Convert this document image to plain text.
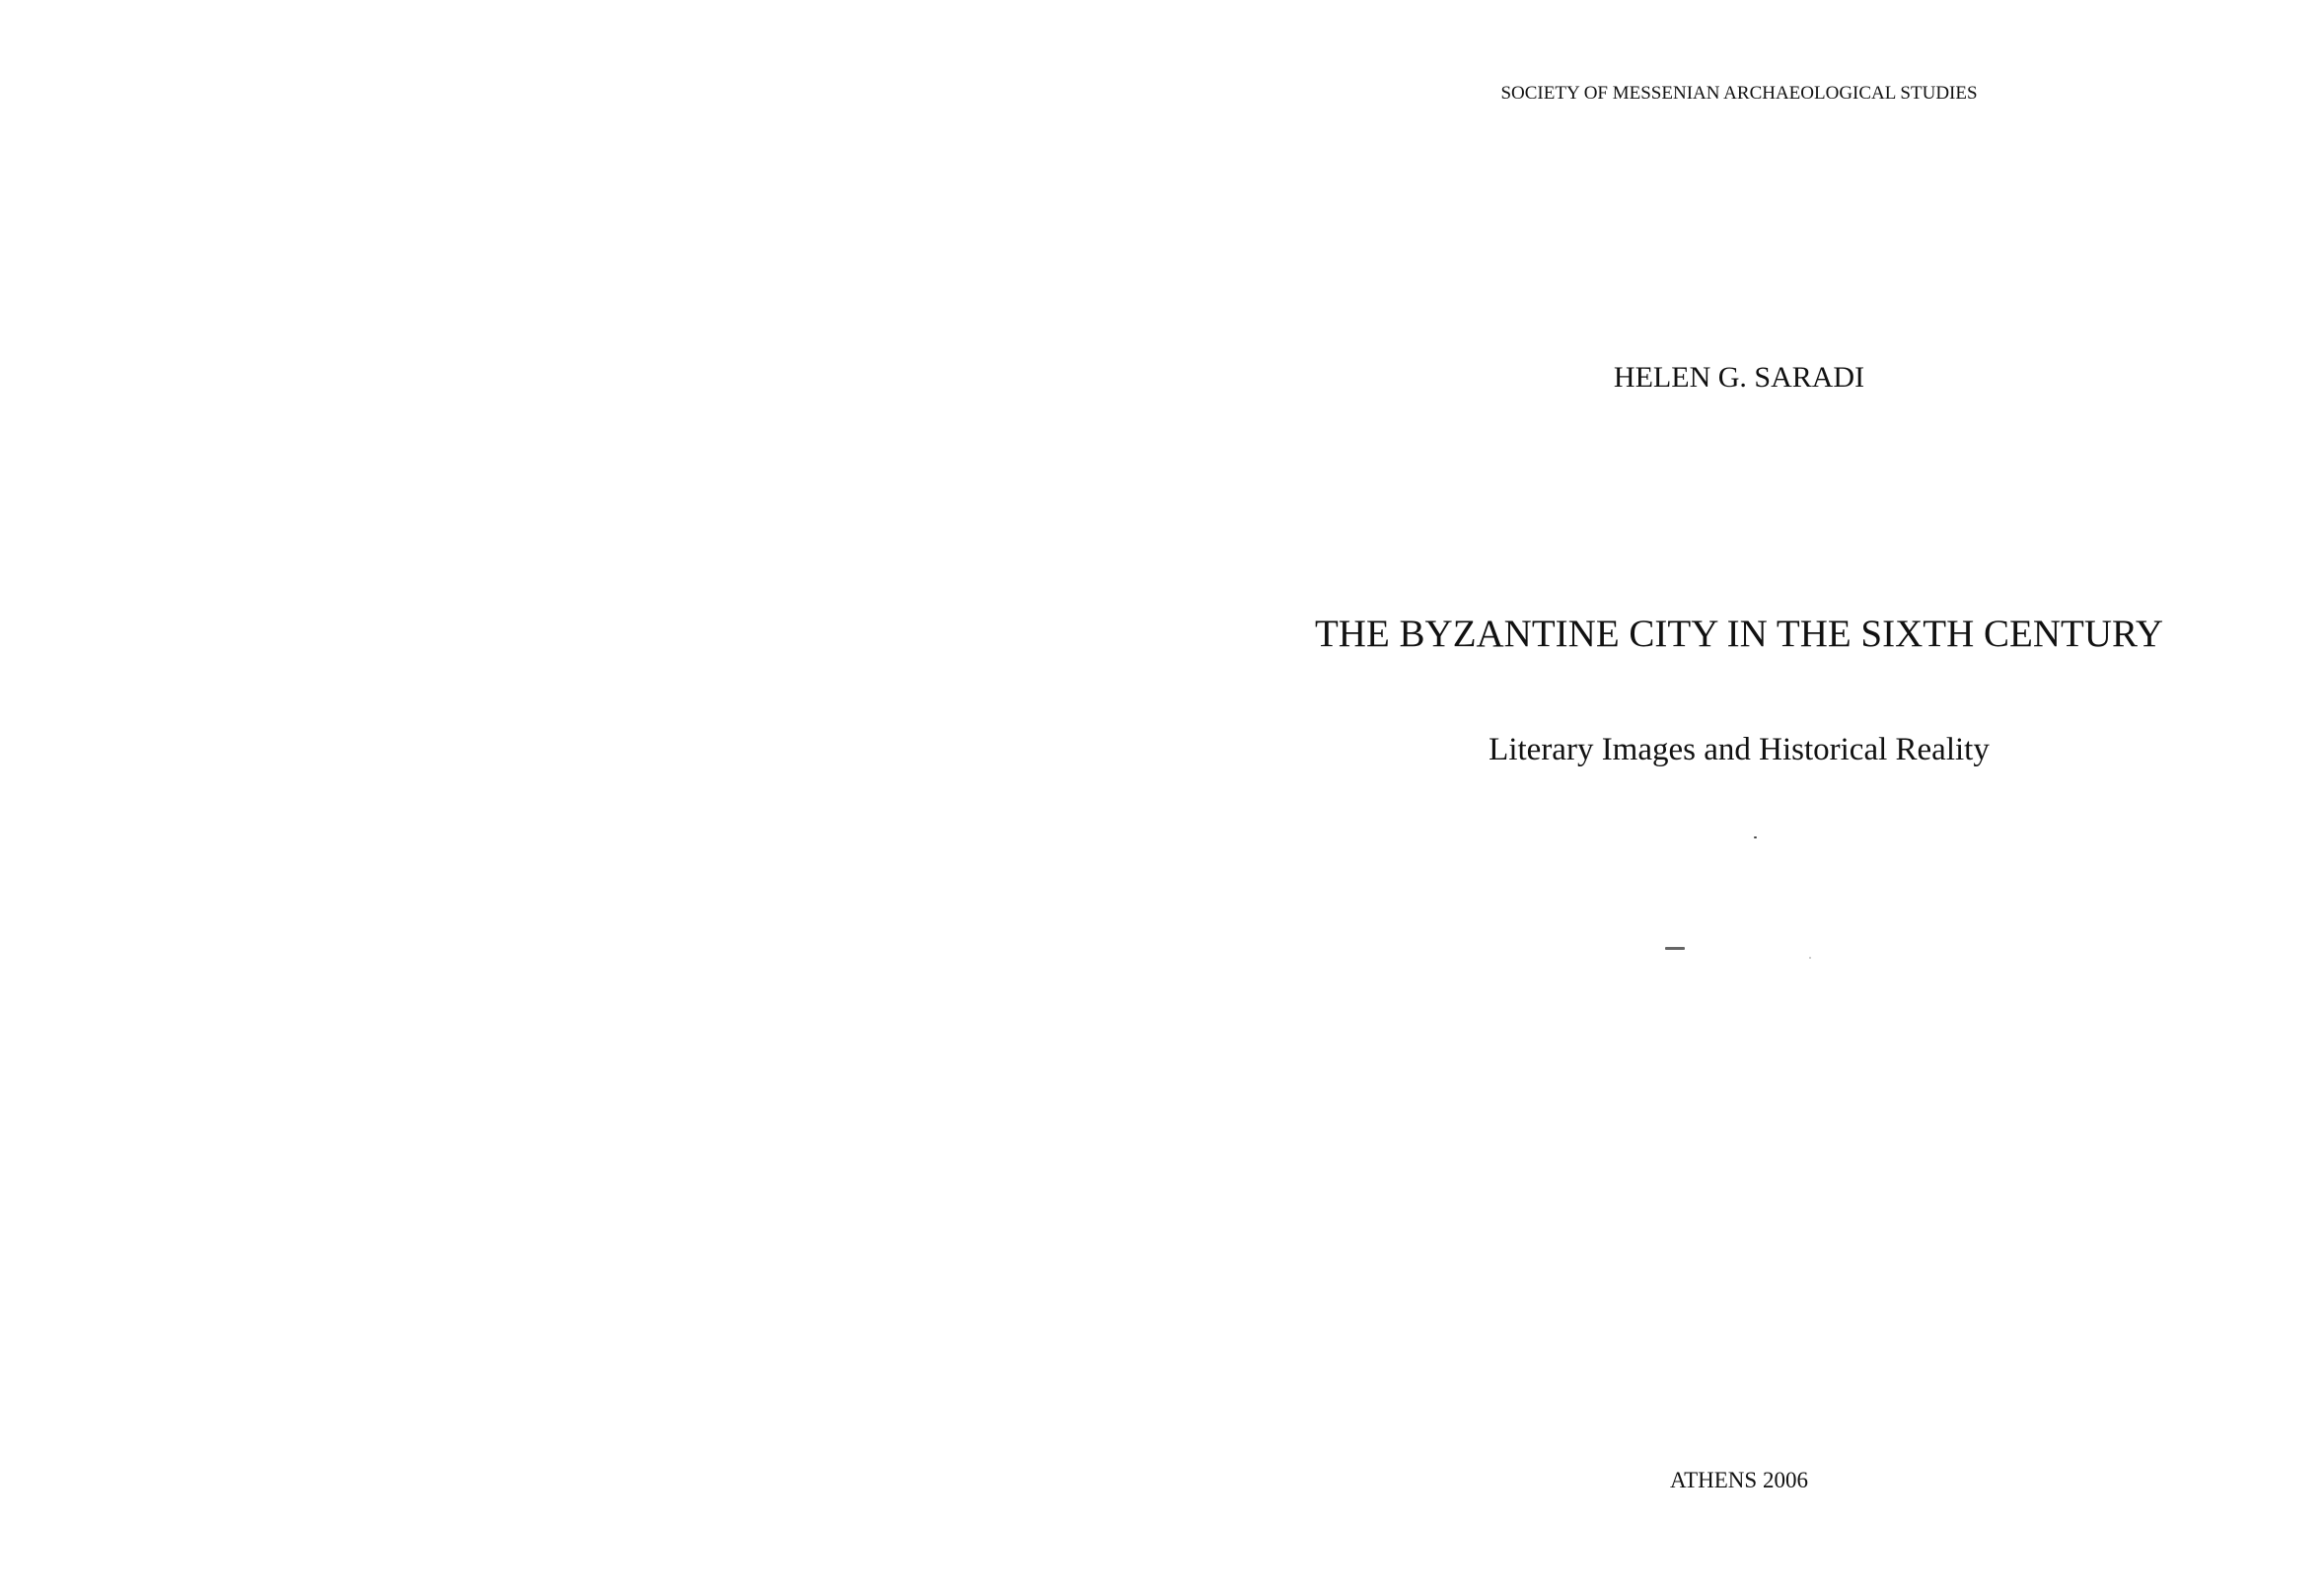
SOCIETY OF MESSENIAN ARCHAEOLOGICAL STUDIES
HELEN G. SARADI
THE BYZANTINE CITY IN THE SIXTH CENTURY
Literary Images and Historical Reality
ATHENS 2006
